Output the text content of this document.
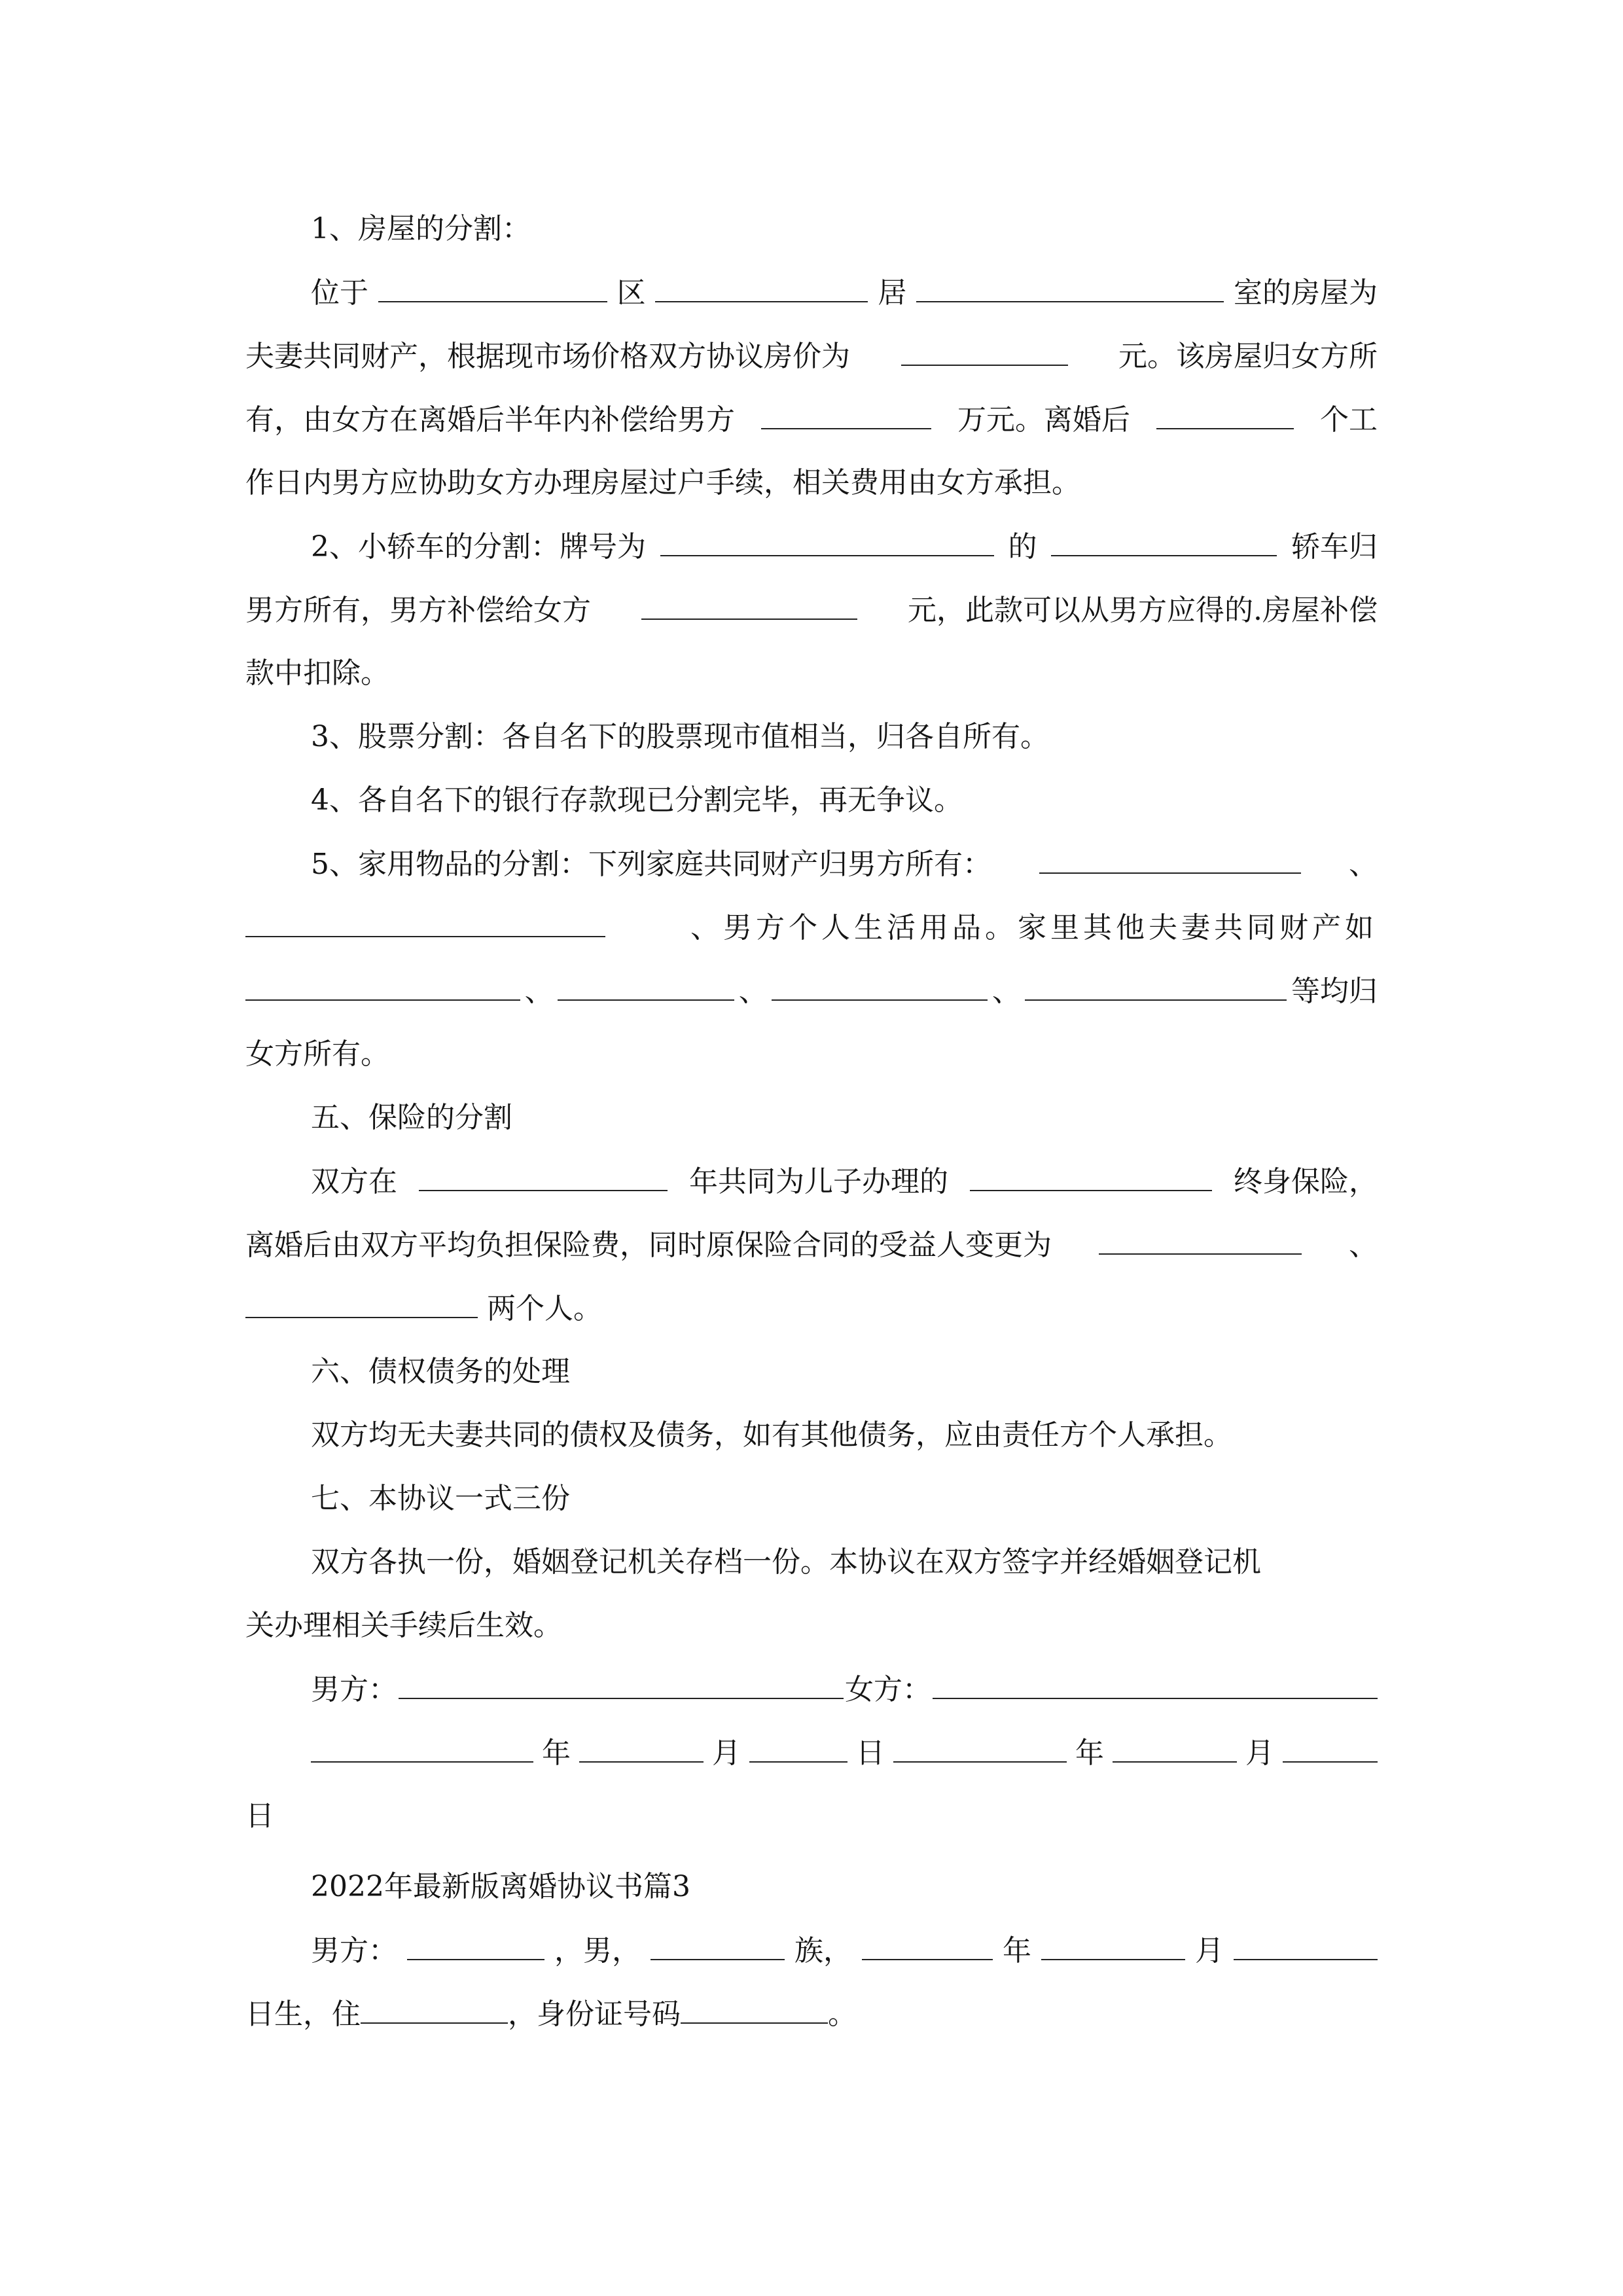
1、房屋的分割：
位于	区	居	室的房屋为
夫妻共同财产，根据现市场价格双方协议房价为	元。该房屋归女方所
有，由女方在离婚后半年内补偿给男方	万元。离婚后	个工
作日内男方应协助女方办理房屋过户手续，相关费用由女方承担。
2、小轿车的分割：牌号为	的	轿车归
男方所有，男方补偿给女方	元，此款可以从男方应得的.房屋补偿
款中扣除。
3、股票分割：各自名下的股票现市值相当，归各自所有。
4、各自名下的银行存款现已分割完毕，再无争议。
5、家用物品的分割：下列家庭共同财产归男方所有：	、
、男方个人生活用品。家里其他夫妻共同财产如
、	、	、	等均归
女方所有。
五、保险的分割
双方在	年共同为儿子办理的	终身保险，
离婚后由双方平均负担保险费，同时原保险合同的受益人变更为	、
两个人。
六、债权债务的处理
双方均无夫妻共同的债权及债务，如有其他债务，应由责任方个人承担。
七、本协议一式三份
双方各执一份，婚姻登记机关存档一份。本协议在双方签字并经婚姻登记机
关办理相关手续后生效。
男方：	女方：
年	月	日	年	月
日
2022年最新版离婚协议书篇3
男方：	，男，	族，	年	月
日生，住	，身份证号码	。
